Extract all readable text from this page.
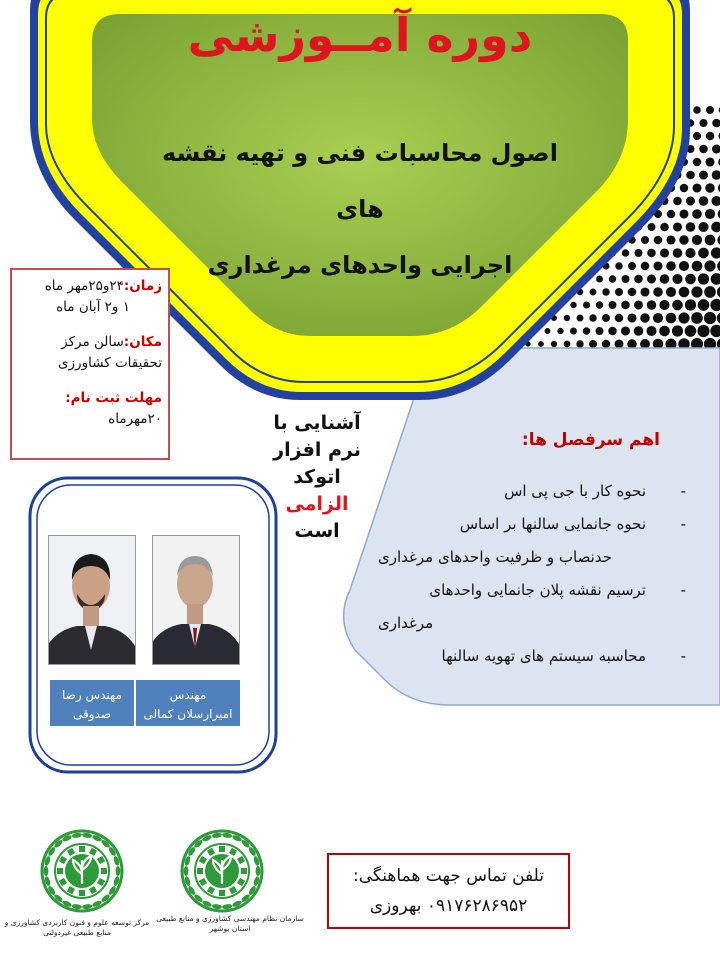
دوره آمــوزشی
اصول محاسبات فنی و تهیه نقشه های
اجرایی واحدهای مرغداری
زمان:۲۴و۲۵مهر ماه
۱ و۲ آبان ماه
مکان:سالن مرکز
تحقیقات کشاورزی
مهلت ثبت نام:
۲۰مهرماه	آشنایی با
نرم افزار
اتوکد الزامی
است
اهم سرفصل ها:
-
نحوه کار با جی پی اس
-
نحوه جانمایی سالنها بر اساس
حدنصاب و ظرفیت واحدهای مرغداری
-
ترسیم نقشه پلان جانمایی واحدهای
مرغداری
-
محاسبه سیستم های تهویه سالنها
مهندس
امیرارسلان کمالی
مهندس رضا
صدوقی
سازمان نظام مهندسی کشاورزی و منابع طبیعی
استان بوشهر
مرکز توسعه علوم و فنون کاربردی کشاورزی و
منابع طبیعی غیردولتی
تلفن تماس جهت هماهنگی:
۰۹۱۷۶۲۸۶۹۵۲ بهروزی
